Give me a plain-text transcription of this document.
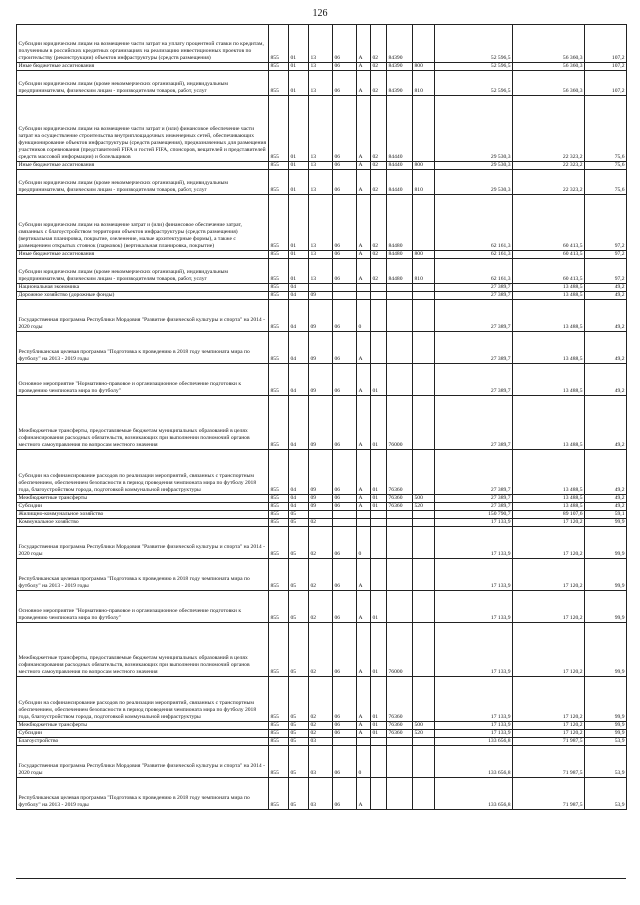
126
Субсидии юридическим лицам на возмещение части затрат на уплату процентной ставки по кредитам, полученным в российских кредитных организациях на реализацию инвестиционных проектов по строительству (реконструкции) объектов инфраструктуры (средств размещения)	855	01	13	06	А	02	84390		52 596,5	56 360,3	107,2
Иные бюджетные ассигнования	855	01	13	06	А	02	84390	800	52 596,5	56 360,3	107,2
Субсидии юридическим лицам (кроме некоммерческих организаций), индивидуальным предпринимателям, физическим лицам - производителям товаров, работ, услуг	855	01	13	06	А	02	84390	810	52 596,5	56 360,3	107,2
Субсидии юридическим лицам на возмещение части затрат и (или) финансовое обеспечение части затрат на осуществление строительства внутриплощадочных инженерных сетей, обеспечивающих функционирование объектов инфраструктуры (средств размещения), предназначенных для размещения участников соревнования (представителей FIFA и гостей FIFA, спонсоров, вещателей и представителей средств массовой информации) и болельщиков	855	01	13	06	А	02	84440		29 530,3	22 323,2	75,6
Иные бюджетные ассигнования	855	01	13	06	А	02	84440	800	29 530,3	22 323,2	75,6
Субсидии юридическим лицам (кроме некоммерческих организаций), индивидуальным предпринимателям, физическим лицам - производителям товаров, работ, услуг	855	01	13	06	А	02	84440	810	29 530,3	22 323,2	75,6
Субсидии юридическим лицам на возмещение затрат и (или) финансовое обеспечение затрат, связанных с благоустройством территории объектов инфраструктуры (средств размещения) (вертикальная планировка, покрытие, озеленение, малые архитектурные формы), а также с размещением открытых стоянок (парковок) (вертикальная планировка, покрытие)	855	01	13	06	А	02	84480		62 161,3	60 413,5	97,2
Иные бюджетные ассигнования	855	01	13	06	А	02	84480	800	62 161,3	60 413,5	97,2
Субсидии юридическим лицам (кроме некоммерческих организаций), индивидуальным предпринимателям, физическим лицам - производителям товаров, работ, услуг	855	01	13	06	А	02	84480	810	62 161,3	60 413,5	97,2
Национальная экономика	855	04							27 389,7	13 488,5	49,2
Дорожное хозяйство (дорожные фонды)	855	04	09						27 389,7	13 488,5	49,2
Государственная программа Республики Мордовия "Развитие физической культуры и спорта" на 2014 - 2020 годы	855	04	09	06	0				27 389,7	13 488,5	49,2
Республиканская целевая программа "Подготовка к проведению в 2018 году чемпионата мира по футболу" на 2013 - 2019 годы	855	04	09	06	А				27 389,7	13 488,5	49,2
Основное мероприятие "Нормативно-правовое и организационное обеспечение подготовки к проведению чемпионата мира по футболу"	855	04	09	06	А	01			27 389,7	13 488,5	49,2
Межбюджетные трансферты, предоставляемые бюджетам муниципальных образований в целях софинансирования расходных обязательств, возникающих при выполнении полномочий органов местного самоуправления по вопросам местного значения	855	04	09	06	А	01	76000		27 389,7	13 488,5	49,2
Субсидии на софинансирование расходов по реализации мероприятий, связанных с транспортным обеспечением, обеспечением безопасности в период проведения чемпионата мира по футболу 2018 года, благоустройством города, подготовкой коммунальной инфраструктуры	855	04	09	06	А	01	76360		27 389,7	13 488,5	49,2
Межбюджетные трансферты	855	04	09	06	А	01	76360	500	27 389,7	13 488,5	49,2
Субсидии	855	04	09	06	А	01	76360	520	27 389,7	13 488,5	49,2
Жилищно-коммунальное хозяйство	855	05							150 790,7	89 107,6	59,1
Коммунальное хозяйство	855	05	02						17 133,9	17 120,2	99,9
Государственная программа Республики Мордовия "Развитие физической культуры и спорта" на 2014 - 2020 годы	855	05	02	06	0				17 133,9	17 120,2	99,9
Республиканская целевая программа "Подготовка к проведению в 2018 году чемпионата мира по футболу" на 2013 - 2019 годы	855	05	02	06	А				17 133,9	17 120,2	99,9
Основное мероприятие "Нормативно-правовое и организационное обеспечение подготовки к проведению чемпионата мира по футболу"	855	05	02	06	А	01			17 133,9	17 120,2	99,9
Межбюджетные трансферты, предоставляемые бюджетам муниципальных образований в целях софинансирования расходных обязательств, возникающих при выполнении полномочий органов местного самоуправления по вопросам местного значения	855	05	02	06	А	01	76000		17 133,9	17 120,2	99,9
Субсидии на софинансирование расходов по реализации мероприятий, связанных с транспортным обеспечением, обеспечением безопасности в период проведения чемпионата мира по футболу 2018 года, благоустройством города, подготовкой коммунальной инфраструктуры	855	05	02	06	А	01	76360		17 133,9	17 120,2	99,9
Межбюджетные трансферты	855	05	02	06	А	01	76360	500	17 133,9	17 120,2	99,9
Субсидии	855	05	02	06	А	01	76360	520	17 133,9	17 120,2	99,9
Благоустройство	855	05	03						133 656,8	71 987,5	53,9
Государственная программа Республики Мордовия "Развитие физической культуры и спорта" на 2014 - 2020 годы	855	05	03	06	0				133 656,8	71 987,5	53,9
Республиканская целевая программа "Подготовка к проведению в 2018 году чемпионата мира по футболу" на 2013 - 2019 годы	855	05	03	06	А				133 656,8	71 987,5	53,9
